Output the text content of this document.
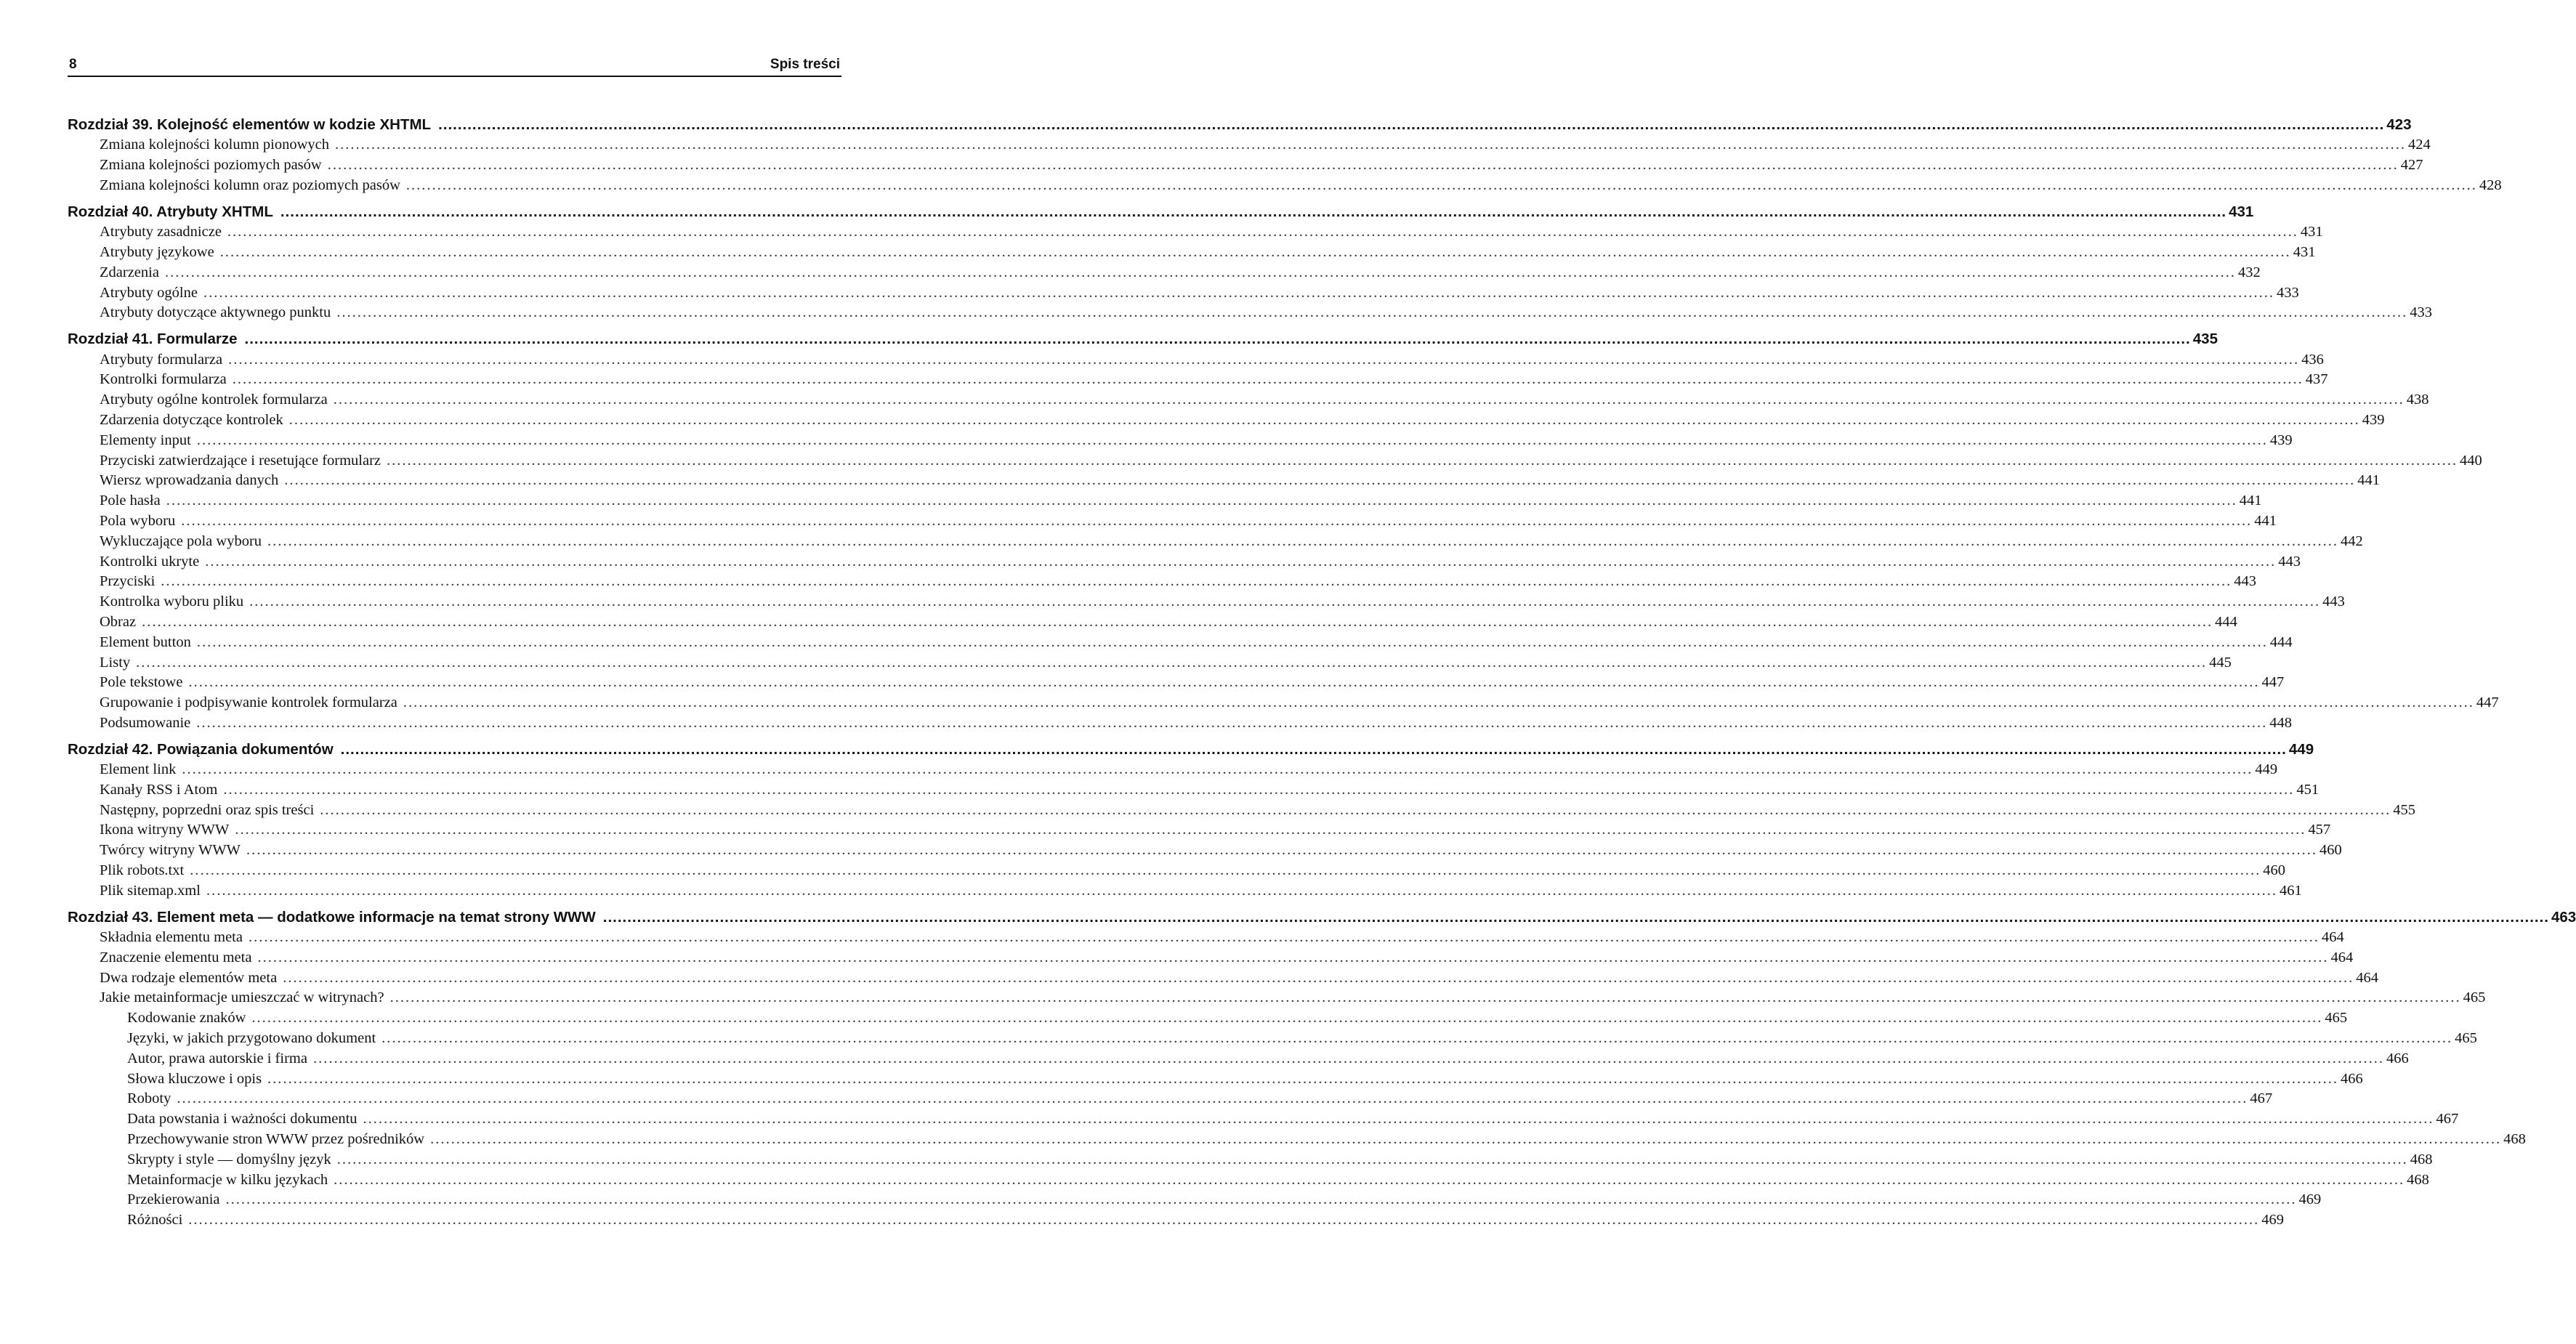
8	Spis treści
Rozdział 39. Kolejność elementów w kodzie XHTML ................................................................................................................................................................................................................................................................................................................................................................................................................ 423
Zmiana kolejności kolumn pionowych ................................................................................................................................................................................................................................................................................................................................................................................................................ 424
Zmiana kolejności poziomych pasów ................................................................................................................................................................................................................................................................................................................................................................................................................ 427
Zmiana kolejności kolumn oraz poziomych pasów ................................................................................................................................................................................................................................................................................................................................................................................................................ 428
Rozdział 40. Atrybuty XHTML ................................................................................................................................................................................................................................................................................................................................................................................................................ 431
Atrybuty zasadnicze ................................................................................................................................................................................................................................................................................................................................................................................................................ 431
Atrybuty językowe ................................................................................................................................................................................................................................................................................................................................................................................................................ 431
Zdarzenia ................................................................................................................................................................................................................................................................................................................................................................................................................ 432
Atrybuty ogólne ................................................................................................................................................................................................................................................................................................................................................................................................................ 433
Atrybuty dotyczące aktywnego punktu ................................................................................................................................................................................................................................................................................................................................................................................................................ 433
Rozdział 41. Formularze ................................................................................................................................................................................................................................................................................................................................................................................................................ 435
Atrybuty formularza ................................................................................................................................................................................................................................................................................................................................................................................................................ 436
Kontrolki formularza ................................................................................................................................................................................................................................................................................................................................................................................................................ 437
Atrybuty ogólne kontrolek formularza ................................................................................................................................................................................................................................................................................................................................................................................................................ 438
Zdarzenia dotyczące kontrolek ................................................................................................................................................................................................................................................................................................................................................................................................................ 439
Elementy input ................................................................................................................................................................................................................................................................................................................................................................................................................ 439
Przyciski zatwierdzające i resetujące formularz ................................................................................................................................................................................................................................................................................................................................................................................................................ 440
Wiersz wprowadzania danych ................................................................................................................................................................................................................................................................................................................................................................................................................ 441
Pole hasła ................................................................................................................................................................................................................................................................................................................................................................................................................ 441
Pola wyboru ................................................................................................................................................................................................................................................................................................................................................................................................................ 441
Wykluczające pola wyboru ................................................................................................................................................................................................................................................................................................................................................................................................................ 442
Kontrolki ukryte ................................................................................................................................................................................................................................................................................................................................................................................................................ 443
Przyciski ................................................................................................................................................................................................................................................................................................................................................................................................................ 443
Kontrolka wyboru pliku ................................................................................................................................................................................................................................................................................................................................................................................................................ 443
Obraz ................................................................................................................................................................................................................................................................................................................................................................................................................ 444
Element button ................................................................................................................................................................................................................................................................................................................................................................................................................ 444
Listy ................................................................................................................................................................................................................................................................................................................................................................................................................ 445
Pole tekstowe ................................................................................................................................................................................................................................................................................................................................................................................................................ 447
Grupowanie i podpisywanie kontrolek formularza ................................................................................................................................................................................................................................................................................................................................................................................................................ 447
Podsumowanie ................................................................................................................................................................................................................................................................................................................................................................................................................ 448
Rozdział 42. Powiązania dokumentów ................................................................................................................................................................................................................................................................................................................................................................................................................ 449
Element link ................................................................................................................................................................................................................................................................................................................................................................................................................ 449
Kanały RSS i Atom ................................................................................................................................................................................................................................................................................................................................................................................................................ 451
Następny, poprzedni oraz spis treści ................................................................................................................................................................................................................................................................................................................................................................................................................ 455
Ikona witryny WWW ................................................................................................................................................................................................................................................................................................................................................................................................................ 457
Twórcy witryny WWW ................................................................................................................................................................................................................................................................................................................................................................................................................ 460
Plik robots.txt ................................................................................................................................................................................................................................................................................................................................................................................................................ 460
Plik sitemap.xml ................................................................................................................................................................................................................................................................................................................................................................................................................ 461
Rozdział 43. Element meta — dodatkowe informacje na temat strony WWW ................................................................................................................................................................................................................................................................................................................................................................................................................ 463
Składnia elementu meta ................................................................................................................................................................................................................................................................................................................................................................................................................ 464
Znaczenie elementu meta ................................................................................................................................................................................................................................................................................................................................................................................................................ 464
Dwa rodzaje elementów meta ................................................................................................................................................................................................................................................................................................................................................................................................................ 464
Jakie metainformacje umieszczać w witrynach? ................................................................................................................................................................................................................................................................................................................................................................................................................ 465
Kodowanie znaków ................................................................................................................................................................................................................................................................................................................................................................................................................ 465
Języki, w jakich przygotowano dokument ................................................................................................................................................................................................................................................................................................................................................................................................................ 465
Autor, prawa autorskie i firma ................................................................................................................................................................................................................................................................................................................................................................................................................ 466
Słowa kluczowe i opis ................................................................................................................................................................................................................................................................................................................................................................................................................ 466
Roboty ................................................................................................................................................................................................................................................................................................................................................................................................................ 467
Data powstania i ważności dokumentu ................................................................................................................................................................................................................................................................................................................................................................................................................ 467
Przechowywanie stron WWW przez pośredników ................................................................................................................................................................................................................................................................................................................................................................................................................ 468
Skrypty i style — domyślny język ................................................................................................................................................................................................................................................................................................................................................................................................................ 468
Metainformacje w kilku językach ................................................................................................................................................................................................................................................................................................................................................................................................................ 468
Przekierowania ................................................................................................................................................................................................................................................................................................................................................................................................................ 469
Różności ................................................................................................................................................................................................................................................................................................................................................................................................................ 469
